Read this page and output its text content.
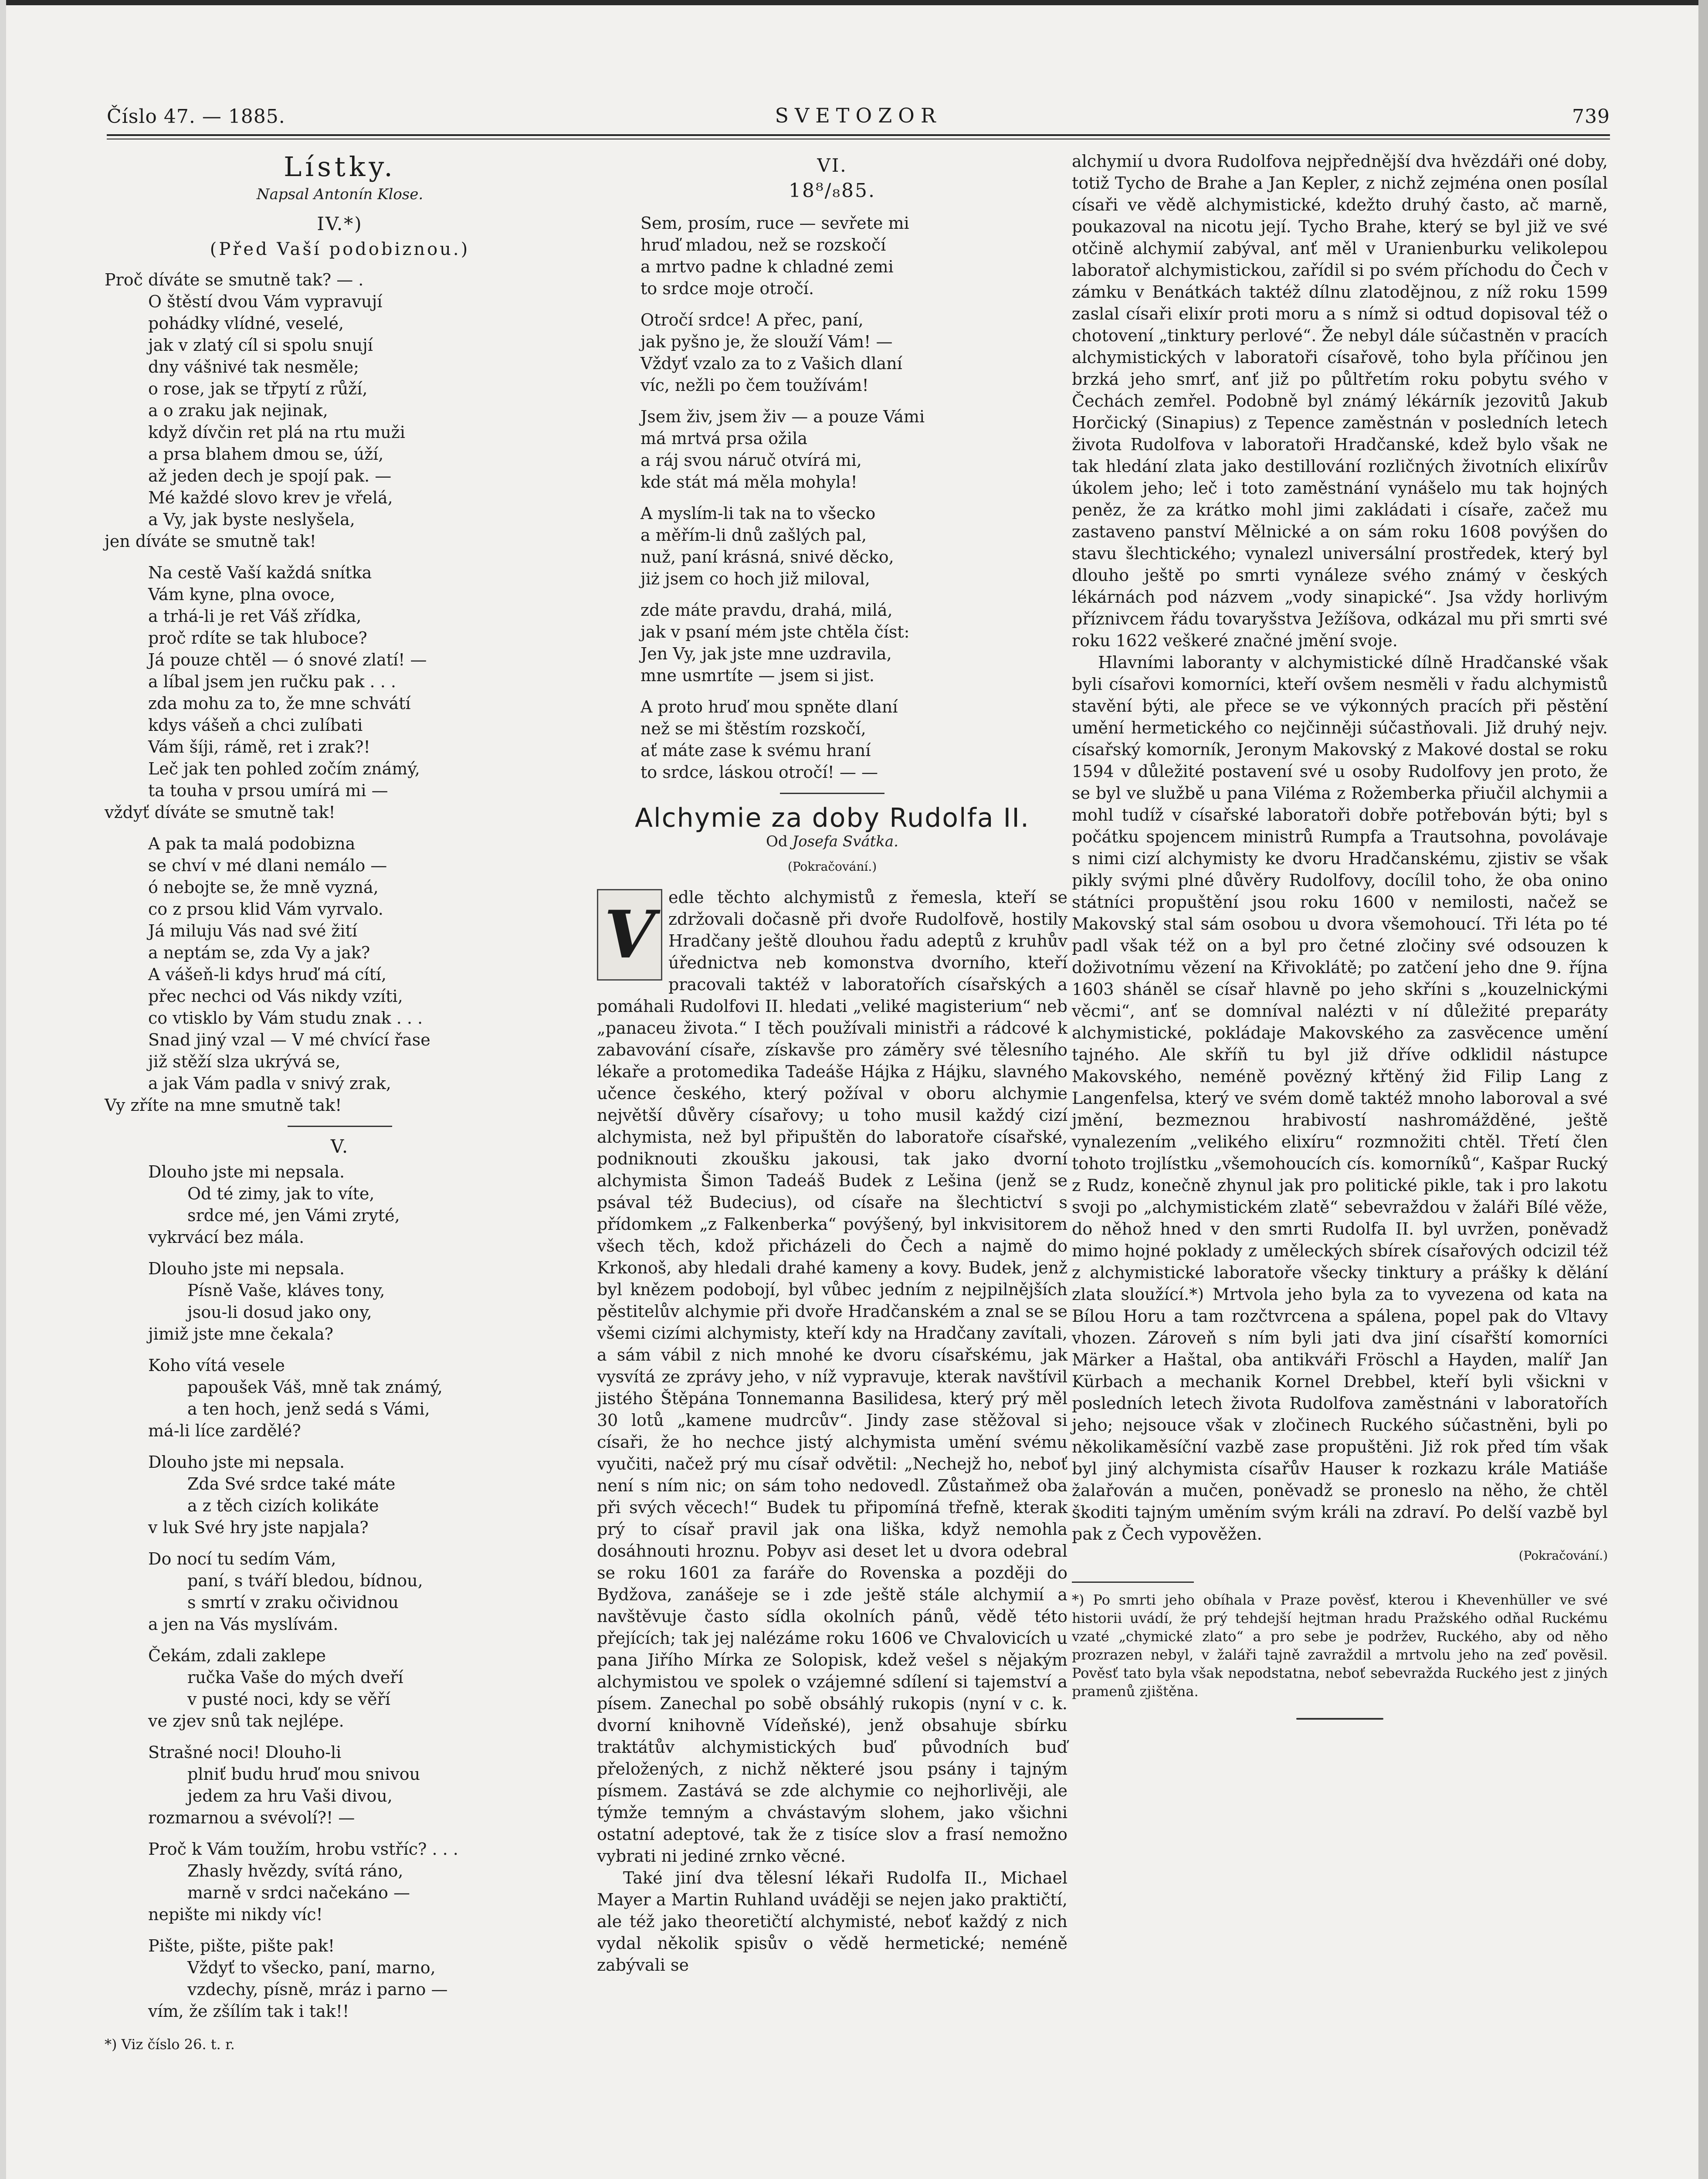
Číslo 47. — 1885.	SVETOZOR	739
Lístky.

Napsal Antonín Klose.

IV.*)
(Před Vaší podobiznou.)
Proč díváte se smutně tak? — .
O štěstí dvou Vám vypravují
pohádky vlídné, veselé,
jak v zlatý cíl si spolu snují
dny vášnivé tak nesměle;
o rose, jak se třpytí z růží,
a o zraku jak nejinak,
když dívčin ret plá na rtu muži
a prsa blahem dmou se, úží,
až jeden dech je spojí pak. —
Mé každé slovo krev je vřelá,
a Vy, jak byste neslyšela,
jen díváte se smutně tak!
Na cestě Vaší každá snítka
Vám kyne, plna ovoce,
a trhá-li je ret Váš zřídka,
proč rdíte se tak hluboce?
Já pouze chtěl — ó snové zlatí! —
a líbal jsem jen ručku pak . . .
zda mohu za to, že mne schvátí
kdys vášeň a chci zulíbati
Vám šíji, rámě, ret i zrak?!
Leč jak ten pohled zočím známý,
ta touha v prsou umírá mi —
vždyť díváte se smutně tak!
A pak ta malá podobizna
se chví v mé dlani nemálo —
ó nebojte se, že mně vyzná,
co z prsou klid Vám vyrvalo.
Já miluju Vás nad své žití
a neptám se, zda Vy a jak?
A vášeň-li kdys hruď má cítí,
přec nechci od Vás nikdy vzíti,
co vtisklo by Vám studu znak . . .
Snad jiný vzal — V mé chvící řase
již stěží slza ukrývá se,
a jak Vám padla v snivý zrak,
Vy zříte na mne smutně tak!
V.
Dlouho jste mi nepsala.
Od té zimy, jak to víte,
srdce mé, jen Vámi zryté,
vykrvácí bez mála.
Dlouho jste mi nepsala.
Písně Vaše, kláves tony,
jsou-li dosud jako ony,
jimiž jste mne čekala?
Koho vítá vesele
papoušek Váš, mně tak známý,
a ten hoch, jenž sedá s Vámi,
má-li líce zardělé?
Dlouho jste mi nepsala.
Zda Své srdce také máte
a z těch cizích kolikáte
v luk Své hry jste napjala?
Do nocí tu sedím Vám,
paní, s tváří bledou, bídnou,
s smrtí v zraku očividnou
a jen na Vás myslívám.
Čekám, zdali zaklepe
ručka Vaše do mých dveří
v pusté noci, kdy se věří
ve zjev snů tak nejlépe.
Strašné noci! Dlouho-li
plniť budu hruď mou snivou
jedem za hru Vaši divou,
rozmarnou a svévolí?! —
Proč k Vám toužím, hrobu vstříc? . . .
Zhasly hvězdy, svítá ráno,
marně v srdci načekáno —
nepište mi nikdy víc!
Pište, pište, pište pak!
Vždyť to všecko, paní, marno,
vzdechy, písně, mráz i parno —
vím, že zšílím tak i tak!!
*) Viz číslo 26. t. r.
VI.
18⁸/₈85.
Sem, prosím, ruce — sevřete mi
hruď mladou, než se rozskočí
a mrtvo padne k chladné zemi
to srdce moje otročí.
Otročí srdce! A přec, paní,
jak pyšno je, že slouží Vám! —
Vždyť vzalo za to z Vašich dlaní
víc, nežli po čem toužívám!
Jsem živ, jsem živ — a pouze Vámi
má mrtvá prsa ožila
a ráj svou náruč otvírá mi,
kde stát má měla mohyla!
A myslím-li tak na to všecko
a měřím-li dnů zašlých pal,
nuž, paní krásná, snivé děcko,
jiż jsem co hoch již miloval,
zde máte pravdu, drahá, milá,
jak v psaní mém jste chtěla číst:
Jen Vy, jak jste mne uzdravila,
mne usmrtíte — jsem si jist.
A proto hruď mou spněte dlaní
než se mi štěstím rozskočí,
ať máte zase k svému hraní
to srdce, láskou otročí! — —
Alchymie za doby Rudolfa II.

Od Josefa Svátka.

(Pokračování.)

V edle těchto alchymistů z řemesla, kteří se zdržovali dočasně při dvoře Rudolfově, hostily Hradčany ještě dlouhou řadu adeptů z kruhův úřednictva neb komonstva dvorního, kteří pracovali taktéž v laboratořích císařských a pomáhali Rudolfovi II. hledati „veliké magisterium“ neb „panaceu života.“ I těch používali ministři a rádcové k zabavování císaře, získavše pro záměry své tělesního lékaře a protomedika Tadeáše Hájka z Hájku, slavného učence českého, který požíval v oboru alchymie největší důvěry císařovy; u toho musil každý cizí alchymista, než byl připuštěn do laboratoře císařské, podniknouti zkoušku jakousi, tak jako dvorní alchymista Šimon Tadeáš Budek z Lešina (jenž se psával též Budecius), od císaře na šlechtictví s přídomkem „z Falkenberka“ povýšený, byl inkvisitorem všech těch, kdož přicházeli do Čech a najmě do Krkonoš, aby hledali drahé kameny a kovy. Budek, jenž byl knězem podobojí, byl vůbec jedním z nejpilnějších pěstitelův alchymie při dvoře Hradčanském a znal se se všemi cizími alchymisty, kteří kdy na Hradčany zavítali, a sám vábil z nich mnohé ke dvoru císařskému, jak vysvítá ze zprávy jeho, v níž vypravuje, kterak navštívil jistého Štěpána Tonnemanna Basilidesa, který prý měl 30 lotů „kamene mudrcův“. Jindy zase stěžoval si císaři, že ho nechce jistý alchymista umění svému vyučiti, načež prý mu císař odvětil: „Nechejž ho, neboť není s ním nic; on sám toho nedovedl. Zůstaňmež oba při svých věcech!“ Budek tu připomíná třefně, kterak prý to císař pravil jak ona liška, když nemohla dosáhnouti hroznu. Pobyv asi deset let u dvora odebral se roku 1601 za faráře do Rovenska a později do Bydžova, zanášeje se i zde ještě stále alchymií a navštěvuje často sídla okolních pánů, vědě této přejících; tak jej nalézáme roku 1606 ve Chvalovicích u pana Jiřího Mírka ze Solopisk, kdež vešel s nějakým alchymistou ve spolek o vzájemné sdílení si tajemství a písem. Zanechal po sobě obsáhlý rukopis (nyní v c. k. dvorní knihovně Vídeňské), jenž obsahuje sbírku traktátův alchymistických buď původních buď přeložených, z nichž některé jsou psány i tajným písmem. Zastává se zde alchymie co nejhorlivěji, ale týmže temným a chvástavým slohem, jako všichni ostatní adeptové, tak že z tisíce slov a frasí nemožno vybrati ni jediné zrnko věcné.

Také jiní dva tělesní lékaři Rudolfa II., Michael Mayer a Martin Ruhland uváději se nejen jako praktičtí, ale též jako theoretičtí alchymisté, neboť každý z nich vydal několik spisův o vědě hermetické; neméně zabývali se

alchymií u dvora Rudolfova nejpřednější dva hvězdáři oné doby, totiž Tycho de Brahe a Jan Kepler, z nichž zejména onen posílal císaři ve vědě alchymistické, kdežto druhý často, ač marně, poukazoval na nicotu její. Tycho Brahe, který se byl již ve své otčině alchymií zabýval, anť měl v Uranienburku velikolepou laboratoř alchymistickou, zařídil si po svém příchodu do Čech v zámku v Benátkách taktéž dílnu zlatodějnou, z níž roku 1599 zaslal císaři elixír proti moru a s nímž si odtud dopisoval též o chotovení „tinktury perlové“. Že nebyl dále súčastněn v pracích alchymistických v laboratoři císařově, toho byla příčinou jen brzká jeho smrť, anť již po půltřetím roku pobytu svého v Čechách zemřel. Podobně byl známý lékárník jezovitů Jakub Horčický (Sinapius) z Tepence zaměstnán v posledních letech života Rudolfova v laboratoři Hradčanské, kdež bylo však ne tak hledání zlata jako destillování rozličných životních elixírův úkolem jeho; leč i toto zaměstnání vynášelo mu tak hojných peněz, že za krátko mohl jimi zakládati i císaře, začež mu zastaveno panství Mělnické a on sám roku 1608 povýšen do stavu šlechtického; vynalezl universální prostředek, který byl dlouho ještě po smrti vynáleze svého známý v českých lékárnách pod názvem „vody sinapické“. Jsa vždy horlivým příznivcem řádu tovaryšstva Ježíšova, odkázal mu při smrti své roku 1622 veškeré značné jmění svoje.

Hlavními laboranty v alchymistické dílně Hradčanské však byli císařovi komorníci, kteří ovšem nesměli v řadu alchymistů stavění býti, ale přece se ve výkonných pracích při pěstění umění hermetického co nejčinněji súčastňovali. Již druhý nejv. císařský komorník, Jeronym Makovský z Makové dostal se roku 1594 v důležité postavení své u osoby Rudolfovy jen proto, že se byl ve službě u pana Viléma z Rožemberka přiučil alchymii a mohl tudíž v císařské laboratoři dobře potřebován býti; byl s počátku spojencem ministrů Rumpfa a Trautsohna, povolávaje s nimi cizí alchymisty ke dvoru Hradčanskému, zjistiv se však pikly svými plné důvěry Rudolfovy, docílil toho, že oba onino státníci propuštění jsou roku 1600 v nemilosti, načež se Makovský stal sám osobou u dvora všemohoucí. Tři léta po té padl však též on a byl pro četné zločiny své odsouzen k doživotnímu vězení na Křivoklátě; po zatčení jeho dne 9. října 1603 sháněl se císař hlavně po jeho skříni s „kouzelnickými věcmi“, anť se domníval nalézti v ní důležité preparáty alchymistické, pokládaje Makovského za zasvěcence umění tajného. Ale skříň tu byl již dříve odklidil nástupce Makovského, neméně povězný křtěný žid Filip Lang z Langenfelsa, který ve svém domě taktéž mnoho laboroval a své jmění, bezmeznou hrabivostí nashromážděné, ještě vynalezením „velikého elixíru“ rozmnožiti chtěl. Třetí člen tohoto trojlístku „všemohoucích cís. komorníků“, Kašpar Rucký z Rudz, konečně zhynul jak pro politické pikle, tak i pro lakotu svoji po „alchymistickém zlatě“ sebevraždou v žaláři Bílé věže, do něhož hned v den smrti Rudolfa II. byl uvržen, poněvadž mimo hojné poklady z uměleckých sbírek císařových odcizil též z alchymistické laboratoře všecky tinktury a prášky k dělání zlata sloužící.*) Mrtvola jeho byla za to vyvezena od kata na Bílou Horu a tam rozčtvrcena a spálena, popel pak do Vltavy vhozen. Zároveň s ním byli jati dva jiní císařští komorníci Märker a Haštal, oba antikváři Fröschl a Hayden, malíř Jan Kürbach a mechanik Kornel Drebbel, kteří byli všickni v posledních letech života Rudolfova zaměstnáni v laboratořích jeho; nejsouce však v zločinech Ruckého súčastněni, byli po několikaměsíční vazbě zase propuštěni. Již rok před tím však byl jiný alchymista císařův Hauser k rozkazu krále Matiáše žalařován a mučen, poněvadž se proneslo na něho, že chtěl škoditi tajným uměním svým králi na zdraví. Po delší vazbě byl pak z Čech vypověžen.

(Pokračování.)
*) Po smrti jeho obíhala v Praze pověsť, kterou i Khevenhüller ve své historii uvádí, že prý tehdejší hejtman hradu Pražského odňal Ruckému vzaté „chymické zlato“ a pro sebe je podržev, Ruckého, aby od něho prozrazen nebyl, v žaláři tajně zavraždil a mrtvolu jeho na zeď pověsil. Pověsť tato byla však nepodstatna, neboť sebevražda Ruckého jest z jiných pramenů zjištěna.
